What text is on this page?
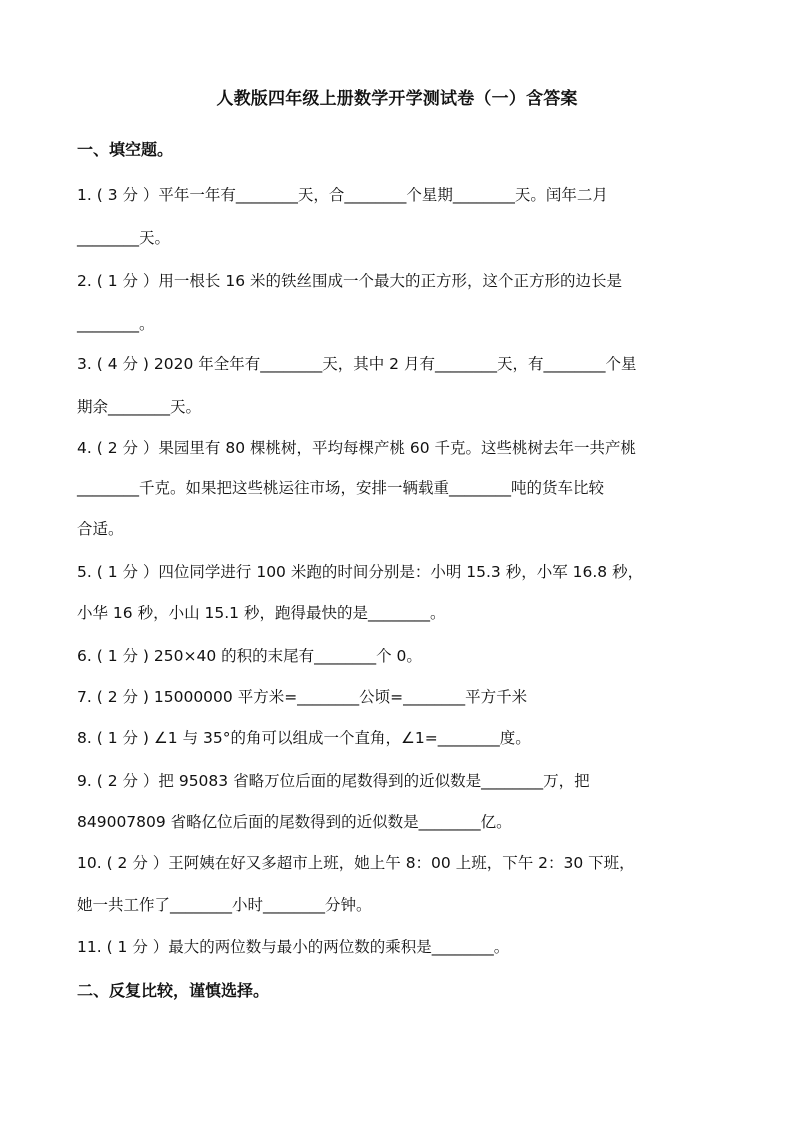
人教版四年级上册数学开学测试卷（一）含答案
一、填空题。
1. ( 3 分 ）平年一年有________天，合________个星期________天。闰年二月
________天。
2. ( 1 分 ）用一根长 16 米的铁丝围成一个最大的正方形，这个正方形的边长是
________。
3. ( 4 分 ) 2020 年全年有________天，其中 2 月有________天，有________个星
期余________天。
4. ( 2 分 ）果园里有 80 棵桃树，平均每棵产桃 60 千克。这些桃树去年一共产桃
________千克。如果把这些桃运往市场，安排一辆载重________吨的货车比较
合适。
5. ( 1 分 ）四位同学进行 100 米跑的时间分别是：小明 15.3 秒，小军 16.8 秒，
小华 16 秒，小山 15.1 秒，跑得最快的是________。
6. ( 1 分 ) 250×40 的积的末尾有________个 0。
7. ( 2 分 ) 15000000 平方米=________公顷=________平方千米
8. ( 1 分 ) ∠1 与 35°的角可以组成一个直角，∠1=________度。
9. ( 2 分 ）把 95083 省略万位后面的尾数得到的近似数是________万，把
849007809 省略亿位后面的尾数得到的近似数是________亿。
10. ( 2 分 ）王阿姨在好又多超市上班，她上午 8：00 上班，下午 2：30 下班，
她一共工作了________小时________分钟。
11. ( 1 分 ）最大的两位数与最小的两位数的乘积是________。
二、反复比较，谨慎选择。
